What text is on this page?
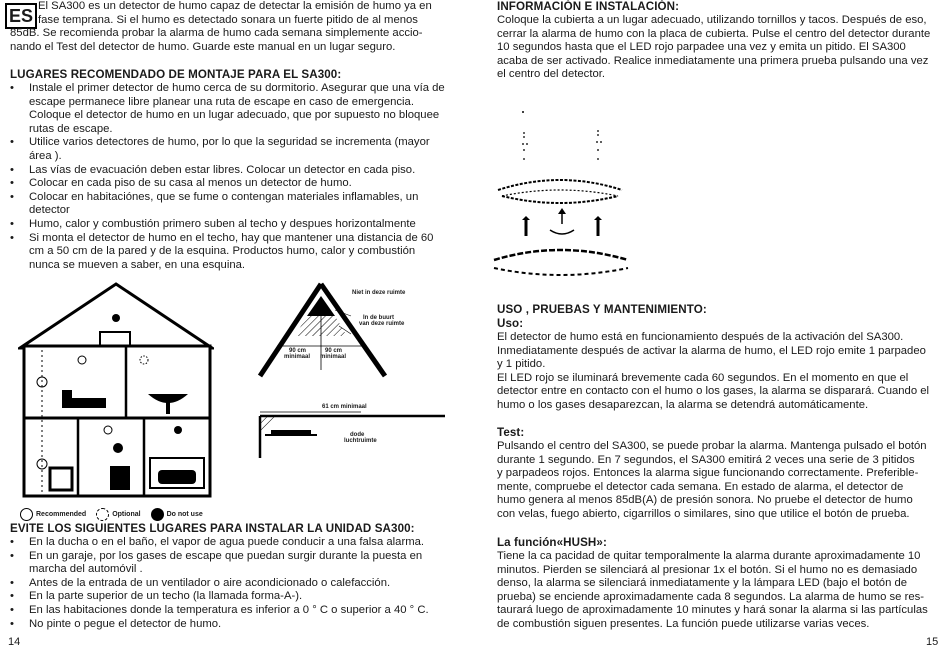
ES El SA300 es un detector de humo capaz de detectar la emisión de humo ya en
fase temprana. Si el humo es detectado sonara un fuerte pitido de al menos
85dB. Se recomienda probar la alarma de humo cada semana simplemente accio-
nando el Test del detector de humo. Guarde este manual en un lugar seguro.
LUGARES RECOMENDADO DE MONTAJE PARA EL SA300:
• Instale el primer detector de humo cerca de su dormitorio. Asegurar que una vía de escape permanece libre planear una ruta de escape en caso de emergencia. Coloque el detector de humo en un lugar adecuado, que por supuesto no bloquee rutas de escape.
• Utilice varios detectores de humo, por lo que la seguridad se incrementa (mayor área ).
• Las vías de evacuación deben estar libres. Colocar un detector en cada piso.
• Colocar en cada piso de su casa al menos un detector de humo.
• Colocar en habitaciónes, que se fume o contengan materiales inflamables, un detector
• Humo, calor y combustión primero suben al techo y despues horizontalmente
• Si monta el detector de humo en el techo, hay que mantener una distancia de 60 cm a 50 cm de la pared y de la esquina. Productos humo, calor y combustión nunca se mueven a saber, en una esquina.
Recommended	Optional	Do not use
Niet in deze ruimte
In de buurt
van deze ruimte
90 cm
minimaal
90 cm
minimaal
61 cm minimaal
dode
luchtruimte
EVITE LOS SIGUIENTES LUGARES PARA INSTALAR LA UNIDAD SA300:
• En la ducha o en el baño, el vapor de agua puede conducir a una falsa alarma.
• En un garaje, por los gases de escape que puedan surgir durante la puesta en marcha del automóvil .
• Antes de la entrada de un ventilador o aire acondicionado o calefacción.
• En la parte superior de un techo (la llamada forma-A-).
• En las habitaciones donde la temperatura es inferior a 0 ° C o superior a 40 ° C.
• No pinte o pegue el detector de humo.
14
INFORMACIÓN E INSTALACIÓN:
Coloque la cubierta a un lugar adecuado, utilizando tornillos y tacos. Después de eso,
cerrar la alarma de humo con la placa de cubierta. Pulse el centro del detector durante
10 segundos hasta que el LED rojo parpadee una vez y emita un pitido. El SA300
acaba de ser activado. Realice inmediatamente una primera prueba pulsando una vez
el centro del detector.
USO , PRUEBAS Y MANTENIMIENTO:
Uso:
El detector de humo está en funcionamiento después de la activación del SA300.
Inmediatamente después de activar la alarma de humo, el LED rojo emite 1 parpadeo
y 1 pitido.
El LED rojo se iluminará brevemente cada 60 segundos. En el momento en que el
detector entre en contacto con el humo o los gases, la alarma se disparará. Cuando el
humo o los gases desaparezcan, la alarma se detendrá automáticamente.
Test:
Pulsando el centro del SA300, se puede probar la alarma. Mantenga pulsado el botón
durante 1 segundo. En 7 segundos, el SA300 emitirá 2 veces una serie de 3 pitidos
y parpadeos rojos. Entonces la alarma sigue funcionando correctamente. Preferible-
mente, compruebe el detector cada semana. En estado de alarma, el detector de
humo genera al menos 85dB(A) de presión sonora. No pruebe el detector de humo
con velas, fuego abierto, cigarrillos o similares, sino que utilice el botón de prueba.
La función«HUSH»:
Tiene la ca pacidad de quitar temporalmente la alarma durante aproximadamente 10
minutos. Pierden se silenciará al presionar 1x el botón. Si el humo no es demasiado
denso, la alarma se silenciará inmediatamente y la lámpara LED (bajo el botón de
prueba) se enciende aproximadamente cada 8 segundos. La alarma de humo se res-
taurará luego de aproximadamente 10 minutes y hará sonar la alarma si las partículas
de combustión siguen presentes. La función puede utilizarse varias veces.
15
